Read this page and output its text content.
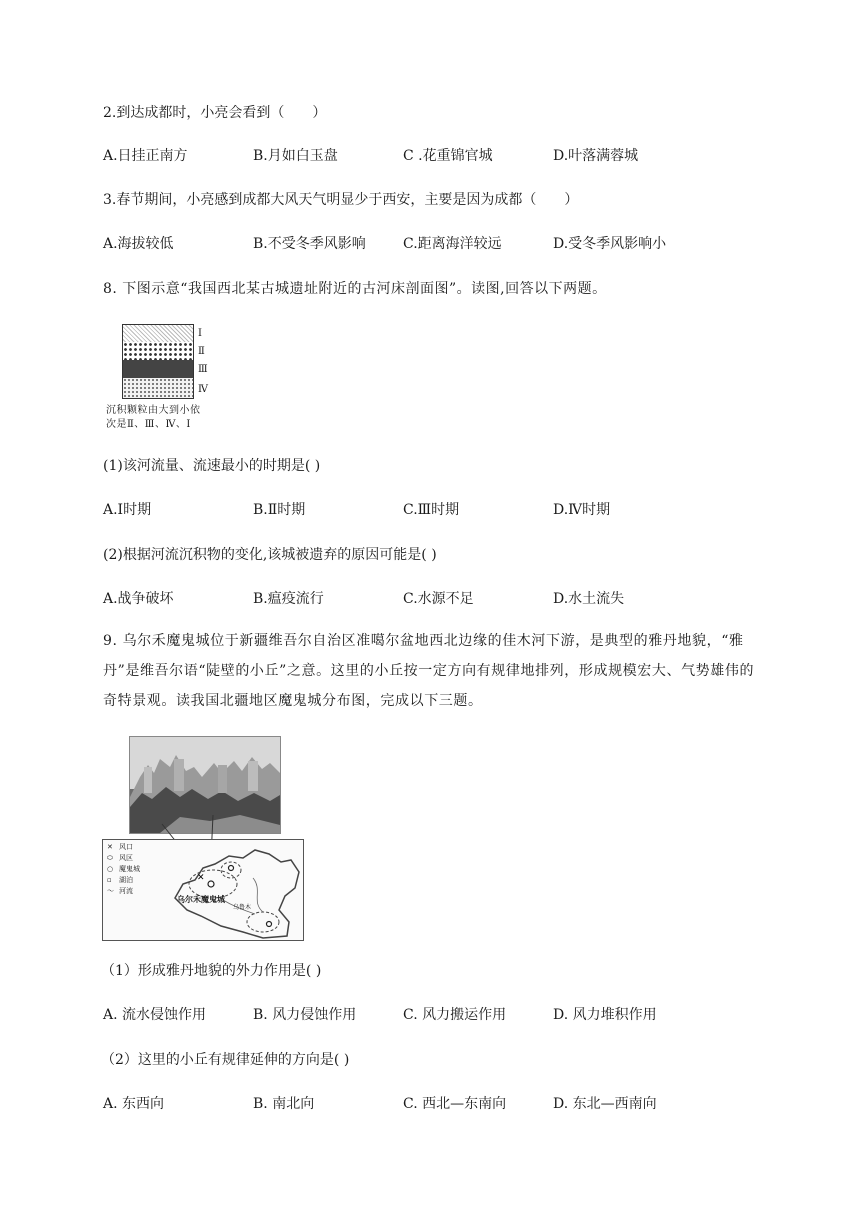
2.到达成都时，小亮会看到（　　）
A.日挂正南方	B.月如白玉盘	C .花重锦官城	D.叶落满蓉城
3.春节期间，小亮感到成都大风天气明显少于西安，主要是因为成都（　　）
A.海拔较低	B.不受冬季风影响	C.距离海洋较远	D.受冬季风影响小
8. 下图示意“我国西北某古城遗址附近的古河床剖面图”。读图,回答以下两题。
Ⅰ
Ⅱ
Ⅲ
Ⅳ
沉积颗粒由大到小依
次是Ⅱ、Ⅲ、Ⅳ、Ⅰ
(1)该河流量、流速最小的时期是( )
A.Ⅰ时期	B.Ⅱ时期	C.Ⅲ时期	D.Ⅳ时期
(2)根据河流沉积物的变化,该城被遗弃的原因可能是( )
A.战争破坏	B.瘟疫流行	C.水源不足	D.水土流失
9. 乌尔禾魔鬼城位于新疆维吾尔自治区准噶尔盆地西北边缘的佳木河下游，是典型的雅丹地貌，“雅丹”是维吾尔语“陡壁的小丘”之意。这里的小丘按一定方向有规律地排列，形成规模宏大、气势雄伟的奇特景观。读我国北疆地区魔鬼城分布图，完成以下三题。
✕
✕ 风口
⬭ 风区
○ 魔鬼城
▫ 湖泊
～ 河流
乌尔禾魔鬼城
乌鲁木
（1）形成雅丹地貌的外力作用是( )
A. 流水侵蚀作用	B. 风力侵蚀作用	C. 风力搬运作用	D. 风力堆积作用
（2）这里的小丘有规律延伸的方向是( )
A. 东西向	B. 南北向	C. 西北—东南向	D. 东北—西南向
